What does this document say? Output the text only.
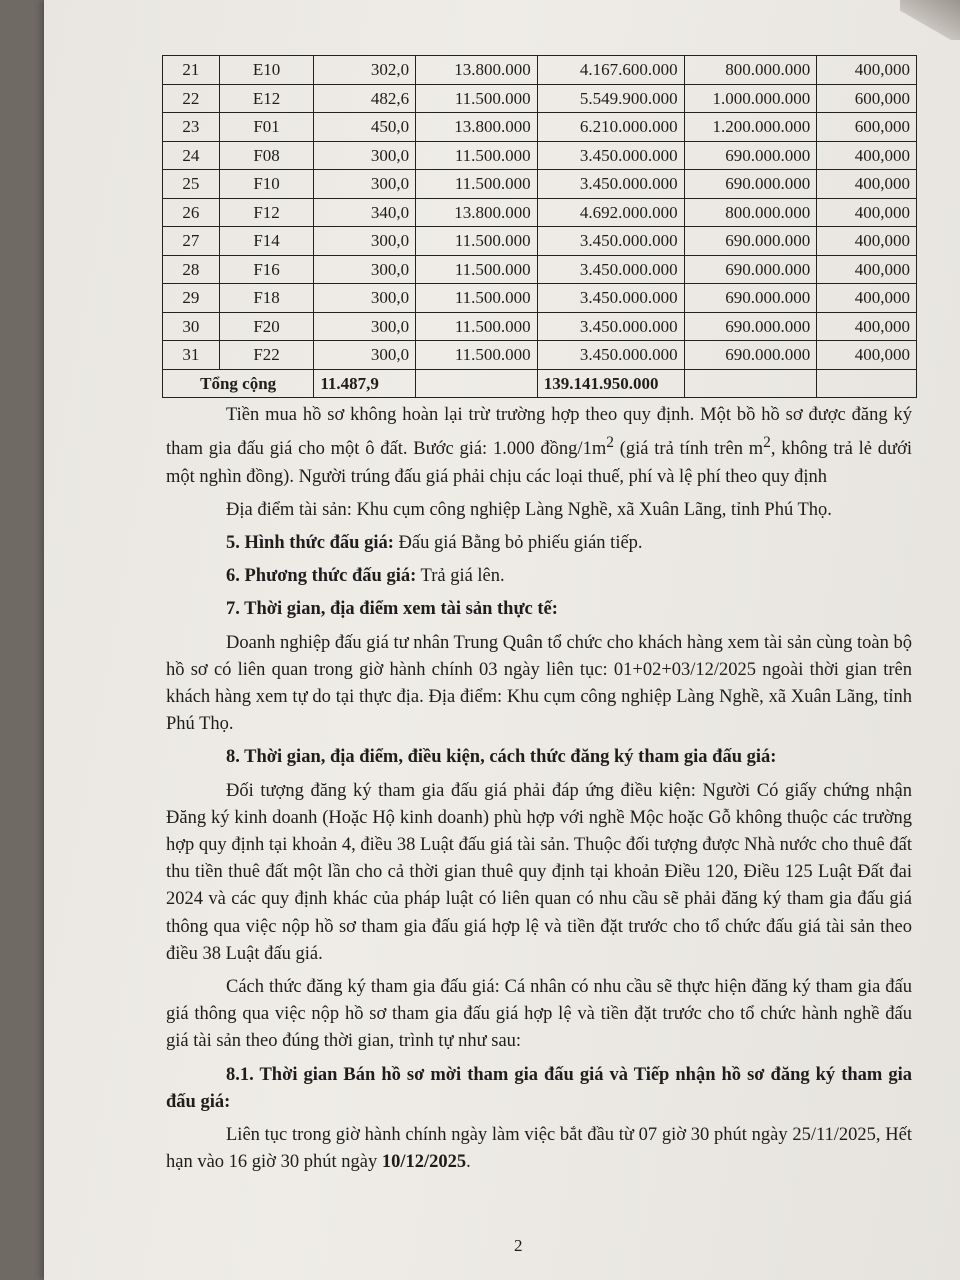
21	E10	302,0	13.800.000	4.167.600.000	800.000.000	400,000
22	E12	482,6	11.500.000	5.549.900.000	1.000.000.000	600,000
23	F01	450,0	13.800.000	6.210.000.000	1.200.000.000	600,000
24	F08	300,0	11.500.000	3.450.000.000	690.000.000	400,000
25	F10	300,0	11.500.000	3.450.000.000	690.000.000	400,000
26	F12	340,0	13.800.000	4.692.000.000	800.000.000	400,000
27	F14	300,0	11.500.000	3.450.000.000	690.000.000	400,000
28	F16	300,0	11.500.000	3.450.000.000	690.000.000	400,000
29	F18	300,0	11.500.000	3.450.000.000	690.000.000	400,000
30	F20	300,0	11.500.000	3.450.000.000	690.000.000	400,000
31	F22	300,0	11.500.000	3.450.000.000	690.000.000	400,000
Tổng cộng		11.487,9		139.141.950.000		

Tiền mua hồ sơ không hoàn lại trừ trường hợp theo quy định. Một bồ hồ sơ được đăng ký tham gia đấu giá cho một ô đất. Bước giá: 1.000 đồng/$1m^2$ (giá trả tính trên $m^2$, không trả lẻ dưới một nghìn đồng). Người trúng đấu giá phải chịu các loại thuế, phí và lệ phí theo quy định

Địa điểm tài sản: Khu cụm công nghiệp Làng Nghề, xã Xuân Lãng, tỉnh Phú Thọ.

5. Hình thức đấu giá: Đấu giá Bằng bỏ phiếu gián tiếp.

6. Phương thức đấu giá: Trả giá lên.

7. Thời gian, địa điểm xem tài sản thực tế:

Doanh nghiệp đấu giá tư nhân Trung Quân tổ chức cho khách hàng xem tài sản cùng toàn bộ hồ sơ có liên quan trong giờ hành chính 03 ngày liên tục: 01+02+03/12/2025 ngoài thời gian trên khách hàng xem tự do tại thực địa. Địa điểm: Khu cụm công nghiệp Làng Nghề, xã Xuân Lãng, tỉnh Phú Thọ.

8. Thời gian, địa điểm, điều kiện, cách thức đăng ký tham gia đấu giá:

Đối tượng đăng ký tham gia đấu giá phải đáp ứng điều kiện: Người Có giấy chứng nhận Đăng ký kinh doanh (Hoặc Hộ kinh doanh) phù hợp với nghề Mộc hoặc Gỗ không thuộc các trường hợp quy định tại khoản 4, điều 38 Luật đấu giá tài sản. Thuộc đối tượng được Nhà nước cho thuê đất thu tiền thuê đất một lần cho cả thời gian thuê quy định tại khoản Điều 120, Điều 125 Luật Đất đai 2024 và các quy định khác của pháp luật có liên quan có nhu cầu sẽ phải đăng ký tham gia đấu giá thông qua việc nộp hồ sơ tham gia đấu giá hợp lệ và tiền đặt trước cho tổ chức đấu giá tài sản theo điều 38 Luật đấu giá.

Cách thức đăng ký tham gia đấu giá: Cá nhân có nhu cầu sẽ thực hiện đăng ký tham gia đấu giá thông qua việc nộp hồ sơ tham gia đấu giá hợp lệ và tiền đặt trước cho tổ chức hành nghề đấu giá tài sản theo đúng thời gian, trình tự như sau:

8.1. Thời gian Bán hồ sơ mời tham gia đấu giá và Tiếp nhận hồ sơ đăng ký tham gia đấu giá:

Liên tục trong giờ hành chính ngày làm việc bắt đầu từ 07 giờ 30 phút ngày 25/11/2025, Hết hạn vào 16 giờ 30 phút ngày 10/12/2025.

2
